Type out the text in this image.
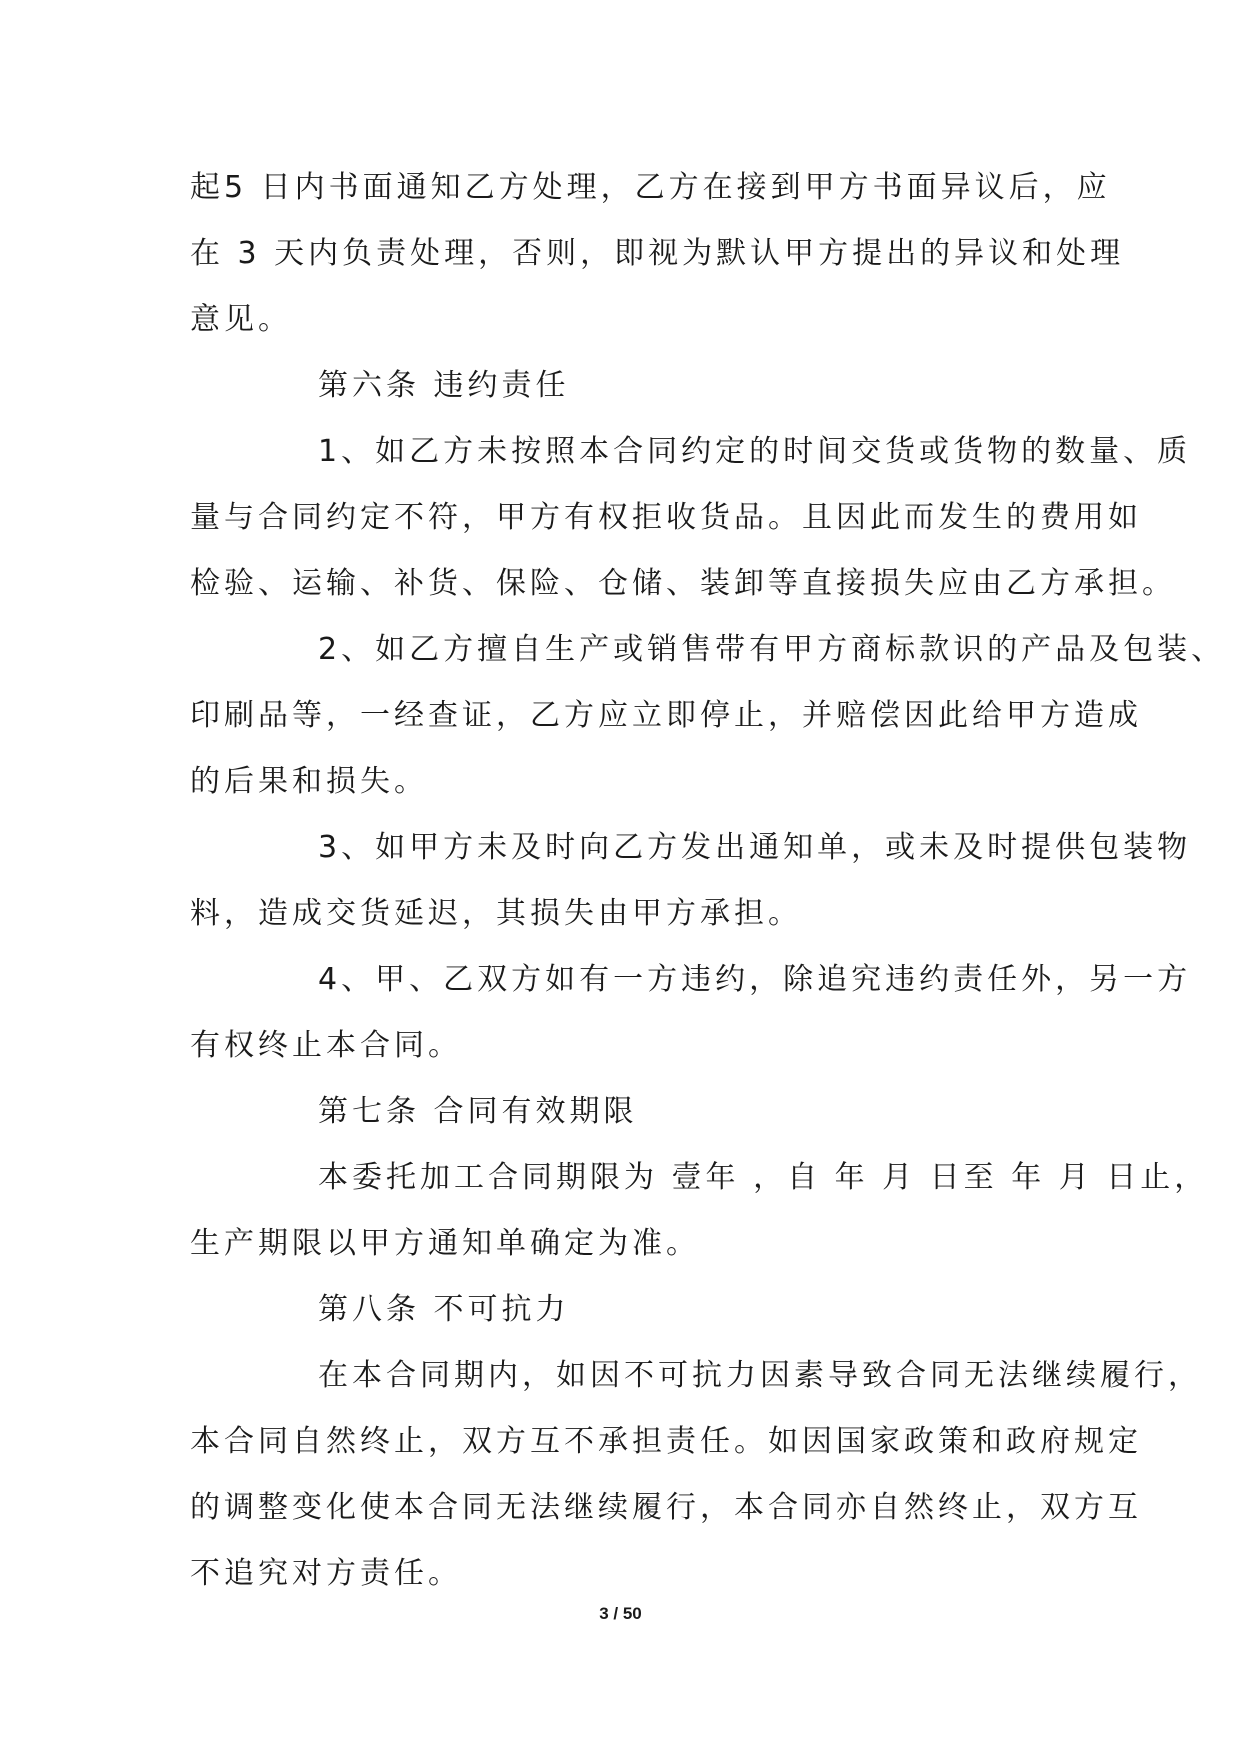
起5 日内书面通知乙方处理，乙方在接到甲方书面异议后，应
在 3 天内负责处理，否则，即视为默认甲方提出的异议和处理
意见。
第六条 违约责任
1、如乙方未按照本合同约定的时间交货或货物的数量、质
量与合同约定不符，甲方有权拒收货品。且因此而发生的费用如
检验、运输、补货、保险、仓储、装卸等直接损失应由乙方承担。
2、如乙方擅自生产或销售带有甲方商标款识的产品及包装、
印刷品等，一经查证，乙方应立即停止，并赔偿因此给甲方造成
的后果和损失。
3、如甲方未及时向乙方发出通知单，或未及时提供包装物
料，造成交货延迟，其损失由甲方承担。
4、甲、乙双方如有一方违约，除追究违约责任外，另一方
有权终止本合同。
第七条 合同有效期限
本委托加工合同期限为 壹年 ，自 年 月 日至 年 月 日止，
生产期限以甲方通知单确定为准。
第八条 不可抗力
在本合同期内，如因不可抗力因素导致合同无法继续履行，
本合同自然终止，双方互不承担责任。如因国家政策和政府规定
的调整变化使本合同无法继续履行，本合同亦自然终止，双方互
不追究对方责任。
3 / 50
